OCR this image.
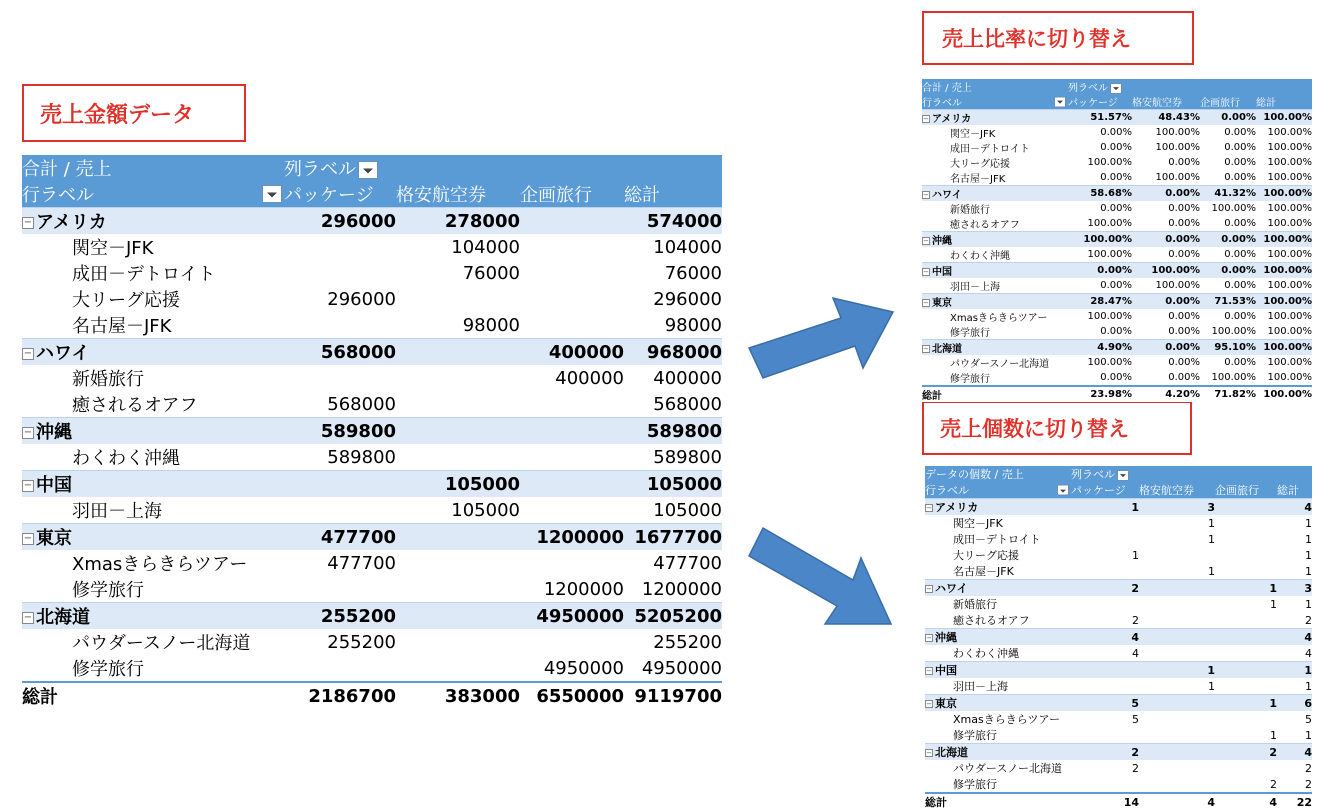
売上金額データ
売上比率に切り替え
売上個数に切り替え
合計 / 売上	列ラベル			
行ラベル	パッケージ	格安航空券	企画旅行	総計
− アメリカ	296000	278000		574000
関空－JFK		104000		104000
成田－デトロイト		76000		76000
大リーグ応援	296000			296000
名古屋－JFK		98000		98000
− ハワイ	568000		400000	968000
新婚旅行			400000	400000
癒されるオアフ	568000			568000
− 沖縄	589800			589800
わくわく沖縄	589800			589800
− 中国		105000		105000
羽田－上海		105000		105000
− 東京	477700		1200000	1677700
Xmasきらきらツアー	477700			477700
修学旅行			1200000	1200000
− 北海道	255200		4950000	5205200
パウダースノー北海道	255200			255200
修学旅行			4950000	4950000
総計	2186700	383000	6550000	9119700
合計 / 売上	列ラベル			
行ラベル	パッケージ	格安航空券	企画旅行	総計
− アメリカ	51.57%	48.43%	0.00%	100.00%
関空－JFK	0.00%	100.00%	0.00%	100.00%
成田－デトロイト	0.00%	100.00%	0.00%	100.00%
大リーグ応援	100.00%	0.00%	0.00%	100.00%
名古屋－JFK	0.00%	100.00%	0.00%	100.00%
− ハワイ	58.68%	0.00%	41.32%	100.00%
新婚旅行	0.00%	0.00%	100.00%	100.00%
癒されるオアフ	100.00%	0.00%	0.00%	100.00%
− 沖縄	100.00%	0.00%	0.00%	100.00%
わくわく沖縄	100.00%	0.00%	0.00%	100.00%
− 中国	0.00%	100.00%	0.00%	100.00%
羽田－上海	0.00%	100.00%	0.00%	100.00%
− 東京	28.47%	0.00%	71.53%	100.00%
Xmasきらきらツアー	100.00%	0.00%	0.00%	100.00%
修学旅行	0.00%	0.00%	100.00%	100.00%
− 北海道	4.90%	0.00%	95.10%	100.00%
パウダースノー北海道	100.00%	0.00%	0.00%	100.00%
修学旅行	0.00%	0.00%	100.00%	100.00%
総計	23.98%	4.20%	71.82%	100.00%
データの個数 / 売上	列ラベル			
行ラベル	パッケージ	格安航空券	企画旅行	総計
− アメリカ	1	3		4
関空－JFK		1		1
成田－デトロイト		1		1
大リーグ応援	1			1
名古屋－JFK		1		1
− ハワイ	2		1	3
新婚旅行			1	1
癒されるオアフ	2			2
− 沖縄	4			4
わくわく沖縄	4			4
− 中国		1		1
羽田－上海		1		1
− 東京	5		1	6
Xmasきらきらツアー	5			5
修学旅行			1	1
− 北海道	2		2	4
パウダースノー北海道	2			2
修学旅行			2	2
総計	14	4	4	22
